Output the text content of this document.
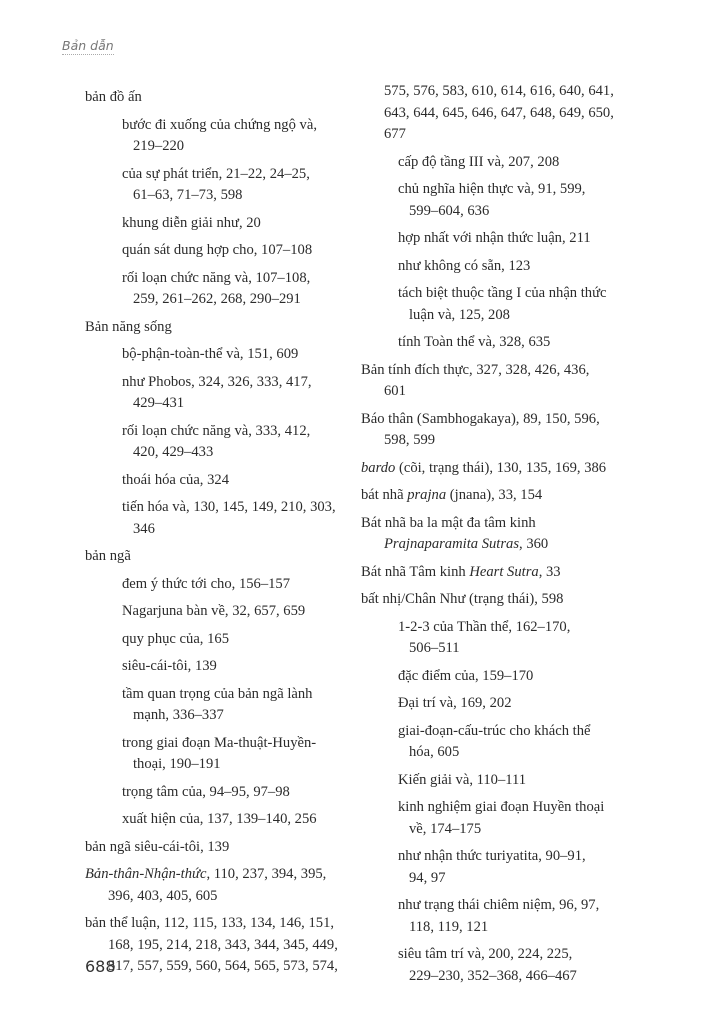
Bản dẫn
bản đồ ấn
bước đi xuống của chứng ngộ và,
219–220
của sự phát triển, 21–22, 24–25,
61–63, 71–73, 598
khung diễn giải như, 20
quán sát dung hợp cho, 107–108
rối loạn chức năng và, 107–108,
259, 261–262, 268, 290–291
Bản năng sống
bộ-phận-toàn-thể và, 151, 609
như Phobos, 324, 326, 333, 417,
429–431
rối loạn chức năng và, 333, 412,
420, 429–433
thoái hóa của, 324
tiến hóa và, 130, 145, 149, 210, 303,
346
bản ngã
đem ý thức tới cho, 156–157
Nagarjuna bàn về, 32, 657, 659
quy phục của, 165
siêu-cái-tôi, 139
tầm quan trọng của bản ngã lành
mạnh, 336–337
trong giai đoạn Ma-thuật-Huyền-
thoại, 190–191
trọng tâm của, 94–95, 97–98
xuất hiện của, 137, 139–140, 256
bản ngã siêu-cái-tôi, 139
Bản-thân-Nhận-thức, 110, 237, 394, 395,
396, 403, 405, 605
bản thể luận, 112, 115, 133, 134, 146, 151,
168, 195, 214, 218, 343, 344, 345, 449,
517, 557, 559, 560, 564, 565, 573, 574,
575, 576, 583, 610, 614, 616, 640, 641,
643, 644, 645, 646, 647, 648, 649, 650,
677
cấp độ tầng III và, 207, 208
chủ nghĩa hiện thực và, 91, 599,
599–604, 636
hợp nhất với nhận thức luận, 211
như không có sẵn, 123
tách biệt thuộc tầng I của nhận thức
luận và, 125, 208
tính Toàn thể và, 328, 635
Bản tính đích thực, 327, 328, 426, 436,
601
Báo thân (Sambhogakaya), 89, 150, 596,
598, 599
bardo (cõi, trạng thái), 130, 135, 169, 386
bát nhã prajna (jnana), 33, 154
Bát nhã ba la mật đa tâm kinh
Prajnaparamita Sutras, 360
Bát nhã Tâm kinh Heart Sutra, 33
bất nhị/Chân Như (trạng thái), 598
1-2-3 của Thần thể, 162–170,
506–511
đặc điểm của, 159–170
Đại trí và, 169, 202
giai-đoạn-cấu-trúc cho khách thể
hóa, 605
Kiến giải và, 110–111
kinh nghiệm giai đoạn Huyền thoại
về, 174–175
như nhận thức turiyatita, 90–91,
94, 97
như trạng thái chiêm niệm, 96, 97,
118, 119, 121
siêu tâm trí và, 200, 224, 225,
229–230, 352–368, 466–467
688
